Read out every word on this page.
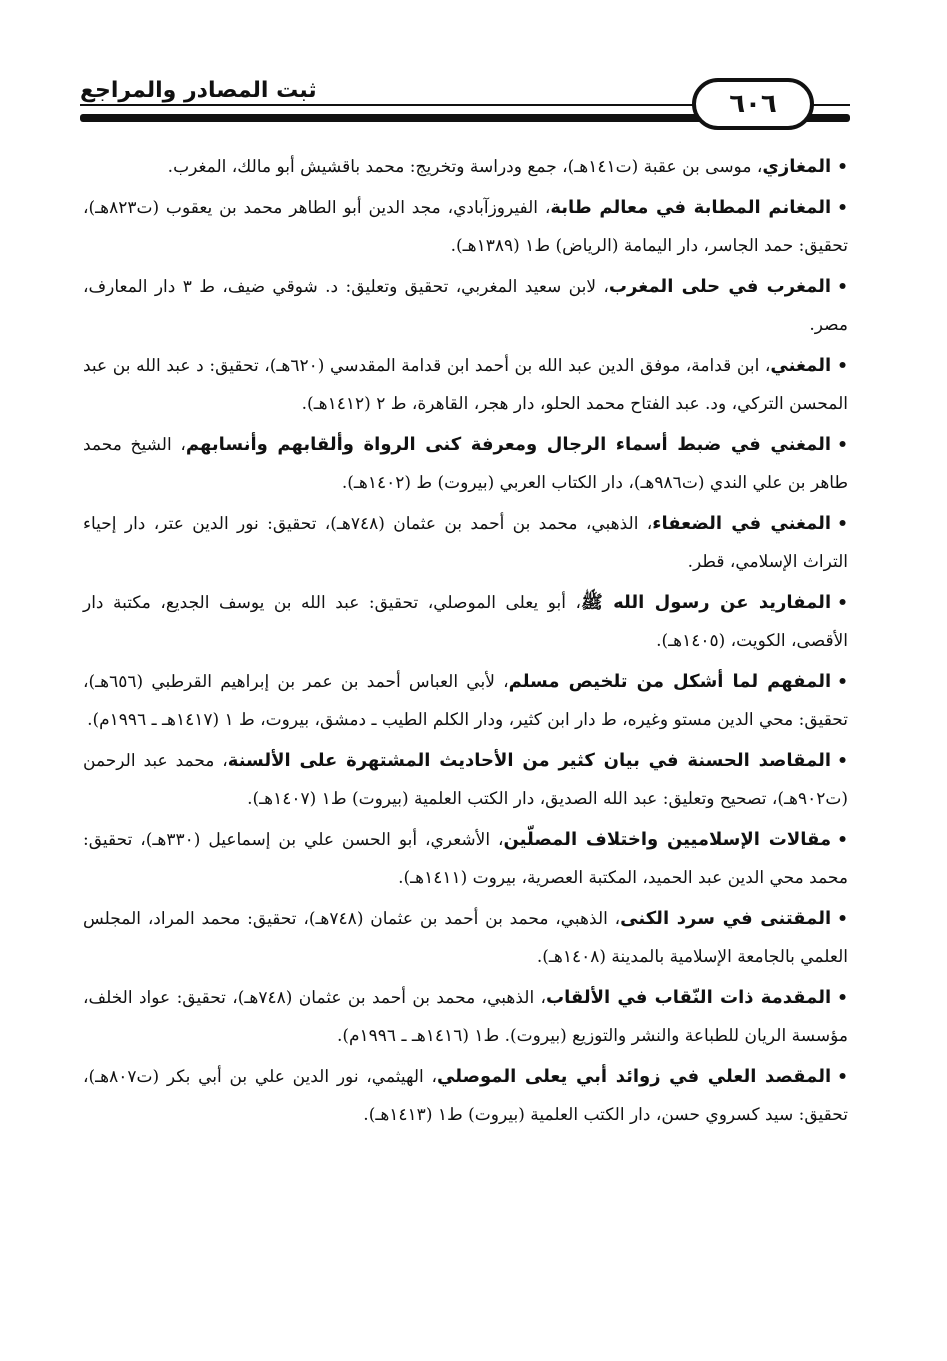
ثبت المصادر والمراجع	٦٠٦

•المغازي، موسى بن عقبة (ت١٤١هـ)، جمع ودراسة وتخريج: محمد باقشيش أبو مالك، المغرب.

•المغانم المطابة في معالم طابة، الفيروزآبادي، مجد الدين أبو الطاهر محمد بن يعقوب (ت٨٢٣هـ)، تحقيق: حمد الجاسر، دار اليمامة (الرياض) ط١ (١٣٨٩هـ).

•المغرب في حلى المغرب، لابن سعيد المغربي، تحقيق وتعليق: د. شوقي ضيف، ط ٣ دار المعارف، مصر.

•المغني، ابن قدامة، موفق الدين عبد الله بن أحمد ابن قدامة المقدسي (٦٢٠هـ)، تحقيق: د عبد الله بن عبد المحسن التركي، ود. عبد الفتاح محمد الحلو، دار هجر، القاهرة، ط ٢ (١٤١٢هـ).

•المغني في ضبط أسماء الرجال ومعرفة كنى الرواة وألقابهم وأنسابهم، الشيخ محمد طاهر بن علي الندي (ت٩٨٦هـ)، دار الكتاب العربي (بيروت) ط (١٤٠٢هـ).

•المغني في الضعفاء، الذهبي، محمد بن أحمد بن عثمان (٧٤٨هـ)، تحقيق: نور الدين عتر، دار إحياء التراث الإسلامي، قطر.

•المفاريد عن رسول الله ﷺ، أبو يعلى الموصلي، تحقيق: عبد الله بن يوسف الجديع، مكتبة دار الأقصى، الكويت، (١٤٠٥هـ).

•المفهم لما أشكل من تلخيص مسلم، لأبي العباس أحمد بن عمر بن إبراهيم القرطبي (٦٥٦هـ)، تحقيق: محي الدين مستو وغيره، ط دار ابن كثير، ودار الكلم الطيب ـ دمشق، بيروت، ط ١ (١٤١٧هـ ـ ١٩٩٦م).

•المقاصد الحسنة في بيان كثير من الأحاديث المشتهرة على الألسنة، محمد عبد الرحمن (ت٩٠٢هـ)، تصحيح وتعليق: عبد الله الصديق، دار الكتب العلمية (بيروت) ط١ (١٤٠٧هـ).

•مقالات الإسلاميين واختلاف المصلّين، الأشعري، أبو الحسن علي بن إسماعيل (٣٣٠هـ)، تحقيق: محمد محي الدين عبد الحميد، المكتبة العصرية، بيروت (١٤١١هـ).

•المقتنى في سرد الكنى، الذهبي، محمد بن أحمد بن عثمان (٧٤٨هـ)، تحقيق: محمد المراد، المجلس العلمي بالجامعة الإسلامية بالمدينة (١٤٠٨هـ).

•المقدمة ذات النّقاب في الألقاب، الذهبي، محمد بن أحمد بن عثمان (٧٤٨هـ)، تحقيق: عواد الخلف، مؤسسة الريان للطباعة والنشر والتوزيع (بيروت). ط١ (١٤١٦هـ ـ ١٩٩٦م).

•المقصد العلي في زوائد أبي يعلى الموصلي، الهيثمي، نور الدين علي بن أبي بكر (ت٨٠٧هـ)، تحقيق: سيد كسروي حسن، دار الكتب العلمية (بيروت) ط١ (١٤١٣هـ).
